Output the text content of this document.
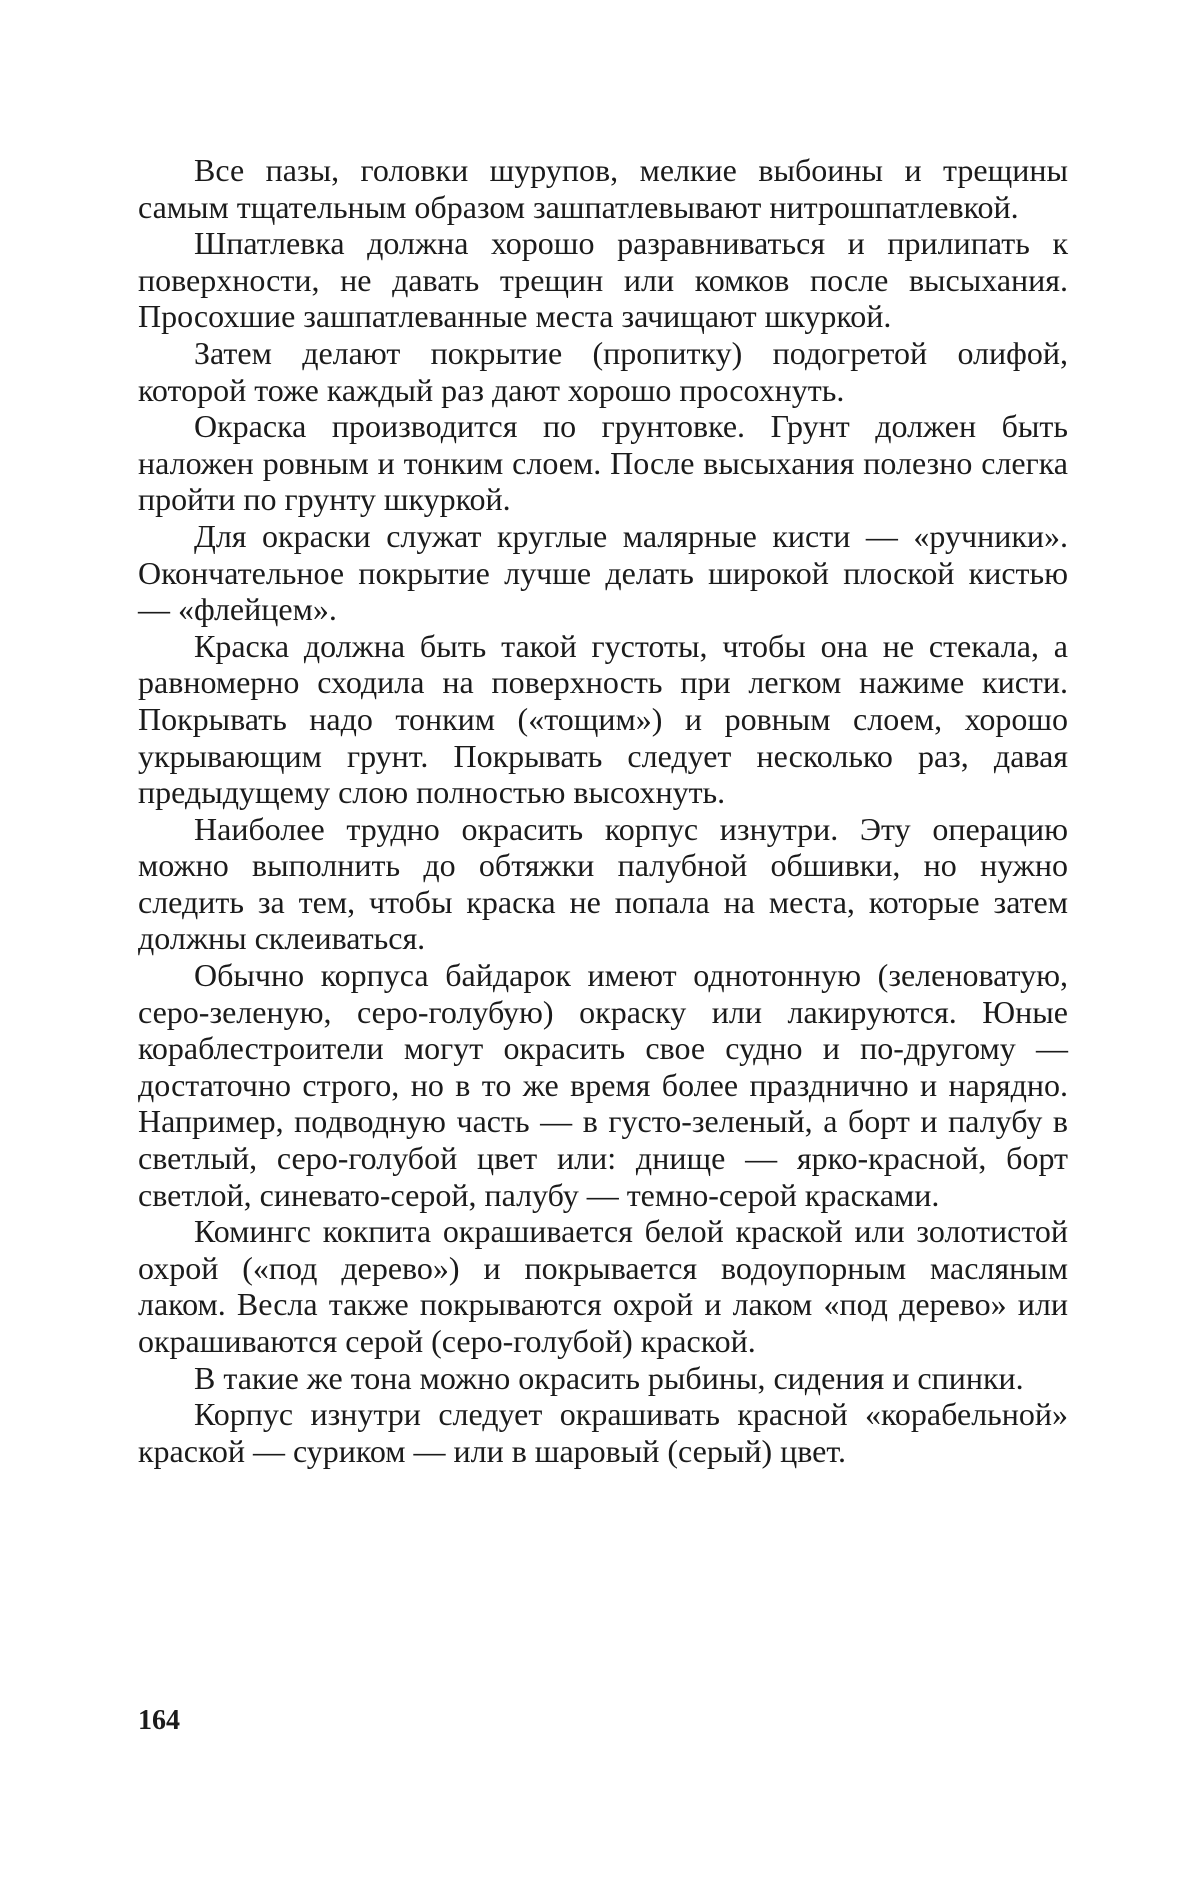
Все пазы, головки шурупов, мелкие выбоины и трещины самым тщательным образом зашпатлевывают нитрошпатлевкой.

Шпатлевка должна хорошо разравниваться и прилипать к поверхности, не давать трещин или комков после высыхания. Просохшие зашпатлеванные места зачищают шкуркой.

Затем делают покрытие (пропитку) подогретой олифой, которой тоже каждый раз дают хорошо просохнуть.

Окраска производится по грунтовке. Грунт должен быть наложен ровным и тонким слоем. После высыхания полезно слегка пройти по грунту шкуркой.

Для окраски служат круглые малярные кисти — «ручники». Окончательное покрытие лучше делать широкой плоской кистью — «флейцем».

Краска должна быть такой густоты, чтобы она не стекала, а равномерно сходила на поверхность при легком нажиме кисти. Покрывать надо тонким («тощим») и ровным слоем, хорошо укрывающим грунт. Покрывать следует несколько раз, давая предыдущему слою полностью высохнуть.

Наиболее трудно окрасить корпус изнутри. Эту операцию можно выполнить до обтяжки палубной обшивки, но нужно следить за тем, чтобы краска не попала на места, которые затем должны склеиваться.

Обычно корпуса байдарок имеют однотонную (зеленоватую, серо-зеленую, серо-голубую) окраску или лакируются. Юные кораблестроители могут окрасить свое судно и по-другому — достаточно строго, но в то же время более празднично и нарядно. Например, подводную часть — в густо-зеленый, а борт и палубу в светлый, серо-голубой цвет или: днище — ярко-красной, борт светлой, синевато-серой, палубу — темно-серой красками.

Комингс кокпита окрашивается белой краской или золотистой охрой («под дерево») и покрывается водоупорным масляным лаком. Весла также покрываются охрой и лаком «под дерево» или окрашиваются серой (серо-голубой) краской.

В такие же тона можно окрасить рыбины, сидения и спинки.

Корпус изнутри следует окрашивать красной «корабельной» краской — суриком — или в шаровый (серый) цвет.

164
